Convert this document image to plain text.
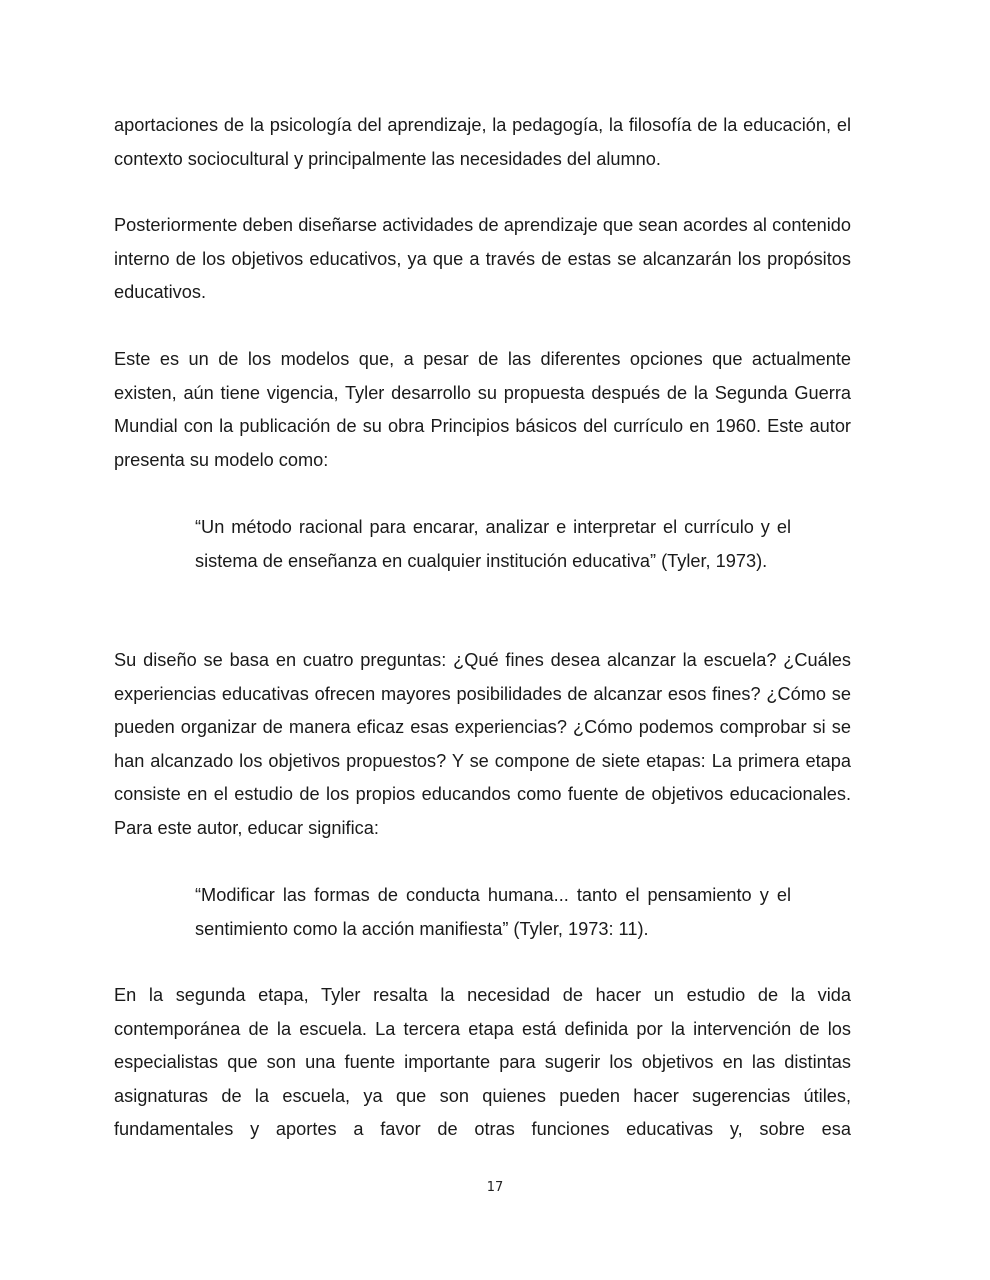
aportaciones de la psicología del aprendizaje, la pedagogía, la filosofía de la educación, el contexto sociocultural y principalmente las necesidades del alumno.

Posteriormente deben diseñarse actividades de aprendizaje que sean acordes al contenido interno de los objetivos educativos, ya que a través de estas se alcanzarán los propósitos educativos.

Este es un de los modelos que, a pesar de las diferentes opciones que actualmente existen, aún tiene vigencia, Tyler desarrollo su propuesta después de la Segunda Guerra Mundial con la publicación de su obra Principios básicos del currículo en 1960. Este autor presenta su modelo como:

“Un método racional para encarar, analizar e interpretar el currículo y el sistema de enseñanza en cualquier institución educativa” (Tyler, 1973).

Su diseño se basa en cuatro preguntas: ¿Qué fines desea alcanzar la escuela? ¿Cuáles experiencias educativas ofrecen mayores posibilidades de alcanzar esos fines? ¿Cómo se pueden organizar de manera eficaz esas experiencias? ¿Cómo podemos comprobar si se han alcanzado los objetivos propuestos? Y se compone de siete etapas: La primera etapa consiste en el estudio de los propios educandos como fuente de objetivos educacionales. Para este autor, educar significa:

“Modificar las formas de conducta humana... tanto el pensamiento y el sentimiento como la acción manifiesta” (Tyler, 1973: 11).

En la segunda etapa, Tyler resalta la necesidad de hacer un estudio de la vida contemporánea de la escuela. La tercera etapa está definida por la intervención de los especialistas que son una fuente importante para sugerir los objetivos en las distintas asignaturas de la escuela, ya que son quienes pueden hacer sugerencias útiles, fundamentales y aportes a favor de otras funciones educativas y, sobre esa

17
